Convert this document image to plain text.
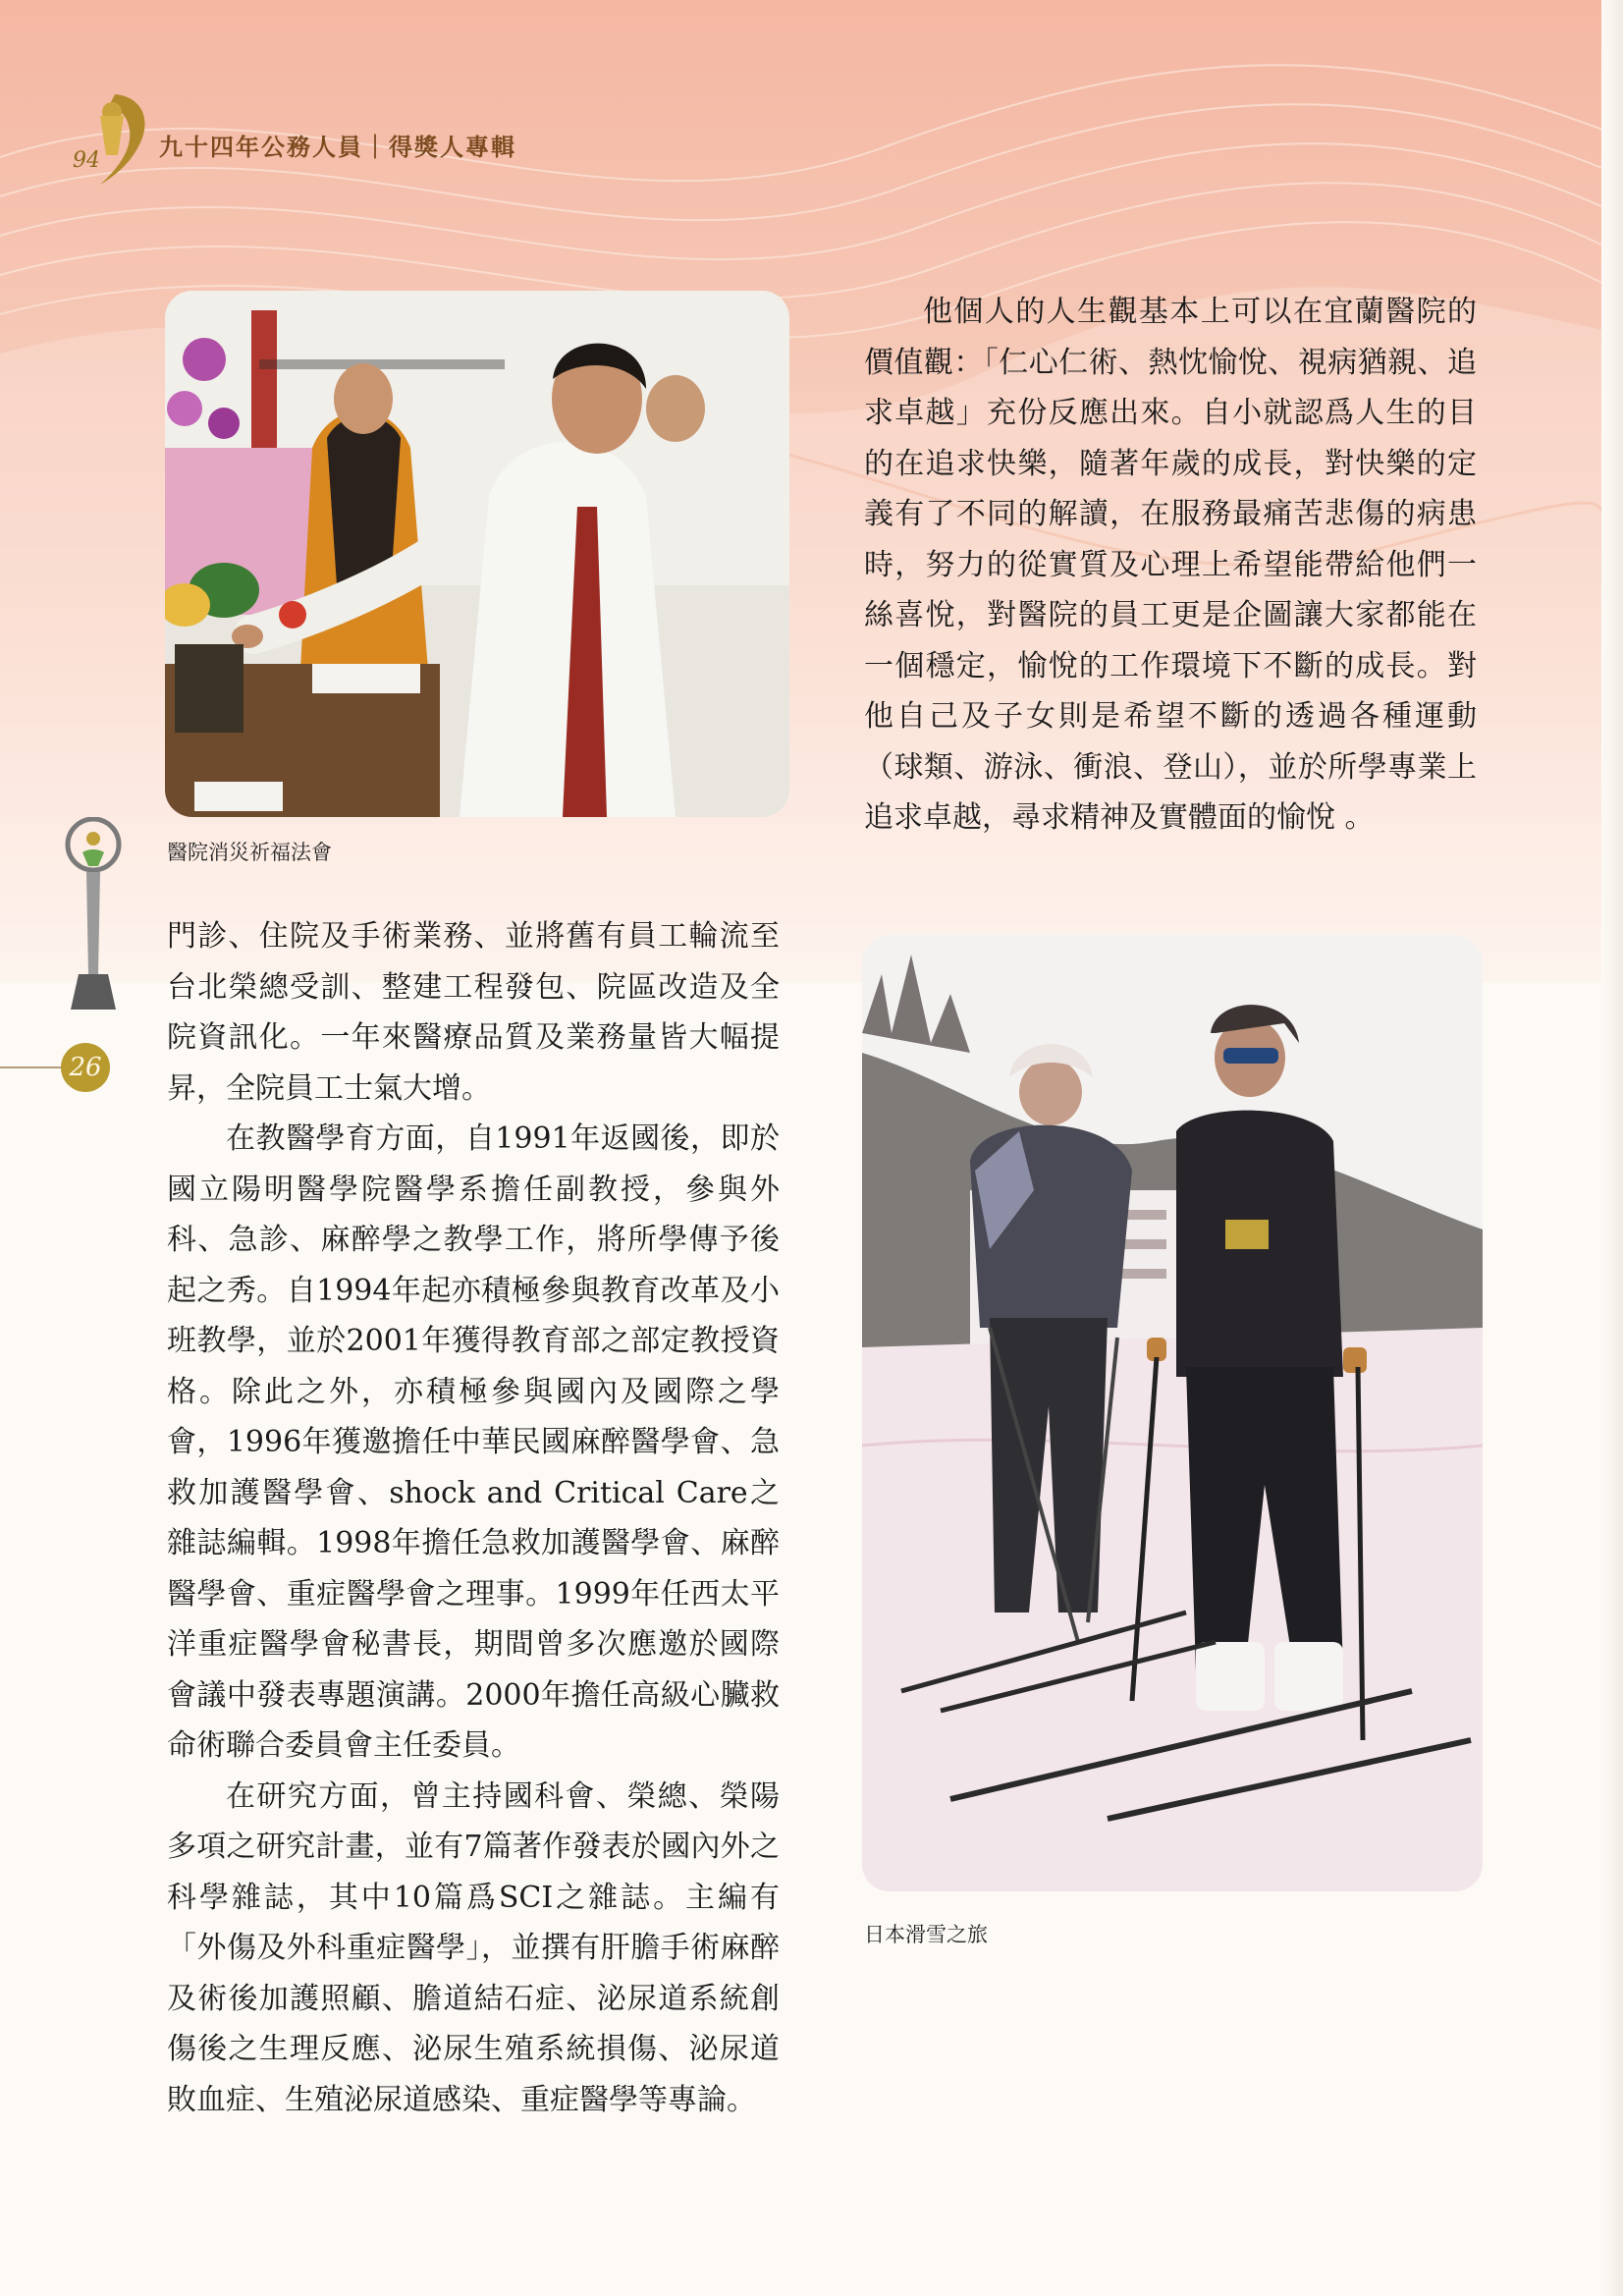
94	九十四年公務人員｜得獎人專輯
醫院消災祈福法會

他個人的人生觀基本上可以在宜蘭醫院的價值觀：「仁心仁術、熱忱愉悅、視病猶親、追求卓越」充份反應出來。自小就認爲人生的目的在追求快樂，隨著年歲的成長，對快樂的定義有了不同的解讀，在服務最痛苦悲傷的病患時，努力的從實質及心理上希望能帶給他們一絲喜悅，對醫院的員工更是企圖讓大家都能在一個穩定，愉悅的工作環境下不斷的成長。對他自己及子女則是希望不斷的透過各種運動（球類、游泳、衝浪、登山），並於所學專業上追求卓越，尋求精神及實體面的愉悅 。

日本滑雪之旅
26

門診、住院及手術業務、並將舊有員工輪流至台北榮總受訓、整建工程發包、院區改造及全院資訊化。一年來醫療品質及業務量皆大幅提昇，全院員工士氣大增。

在教醫學育方面，自1991年返國後，即於國立陽明醫學院醫學系擔任副教授，參與外科、急診、麻醉學之教學工作，將所學傳予後起之秀。自1994年起亦積極參與教育改革及小班教學，並於2001年獲得教育部之部定教授資格。除此之外，亦積極參與國內及國際之學會，1996年獲邀擔任中華民國麻醉醫學會、急救加護醫學會、shock and Critical Care之 雜誌編輯。1998年擔任急救加護醫學會、麻醉醫學會、重症醫學會之理事。1999年任西太平洋重症醫學會秘書長，期間曾多次應邀於國際會議中發表專題演講。2000年擔任高級心臟救命術聯合委員會主任委員。

在研究方面，曾主持國科會、榮總、榮陽多項之研究計畫，並有7篇著作發表於國內外之科學雜誌，其中10篇爲SCI之雜誌。主編有「外傷及外科重症醫學」，並撰有肝膽手術麻醉及術後加護照顧、膽道結石症、泌尿道系統創傷後之生理反應、泌尿生殖系統損傷、泌尿道敗血症、生殖泌尿道感染、重症醫學等專論。
